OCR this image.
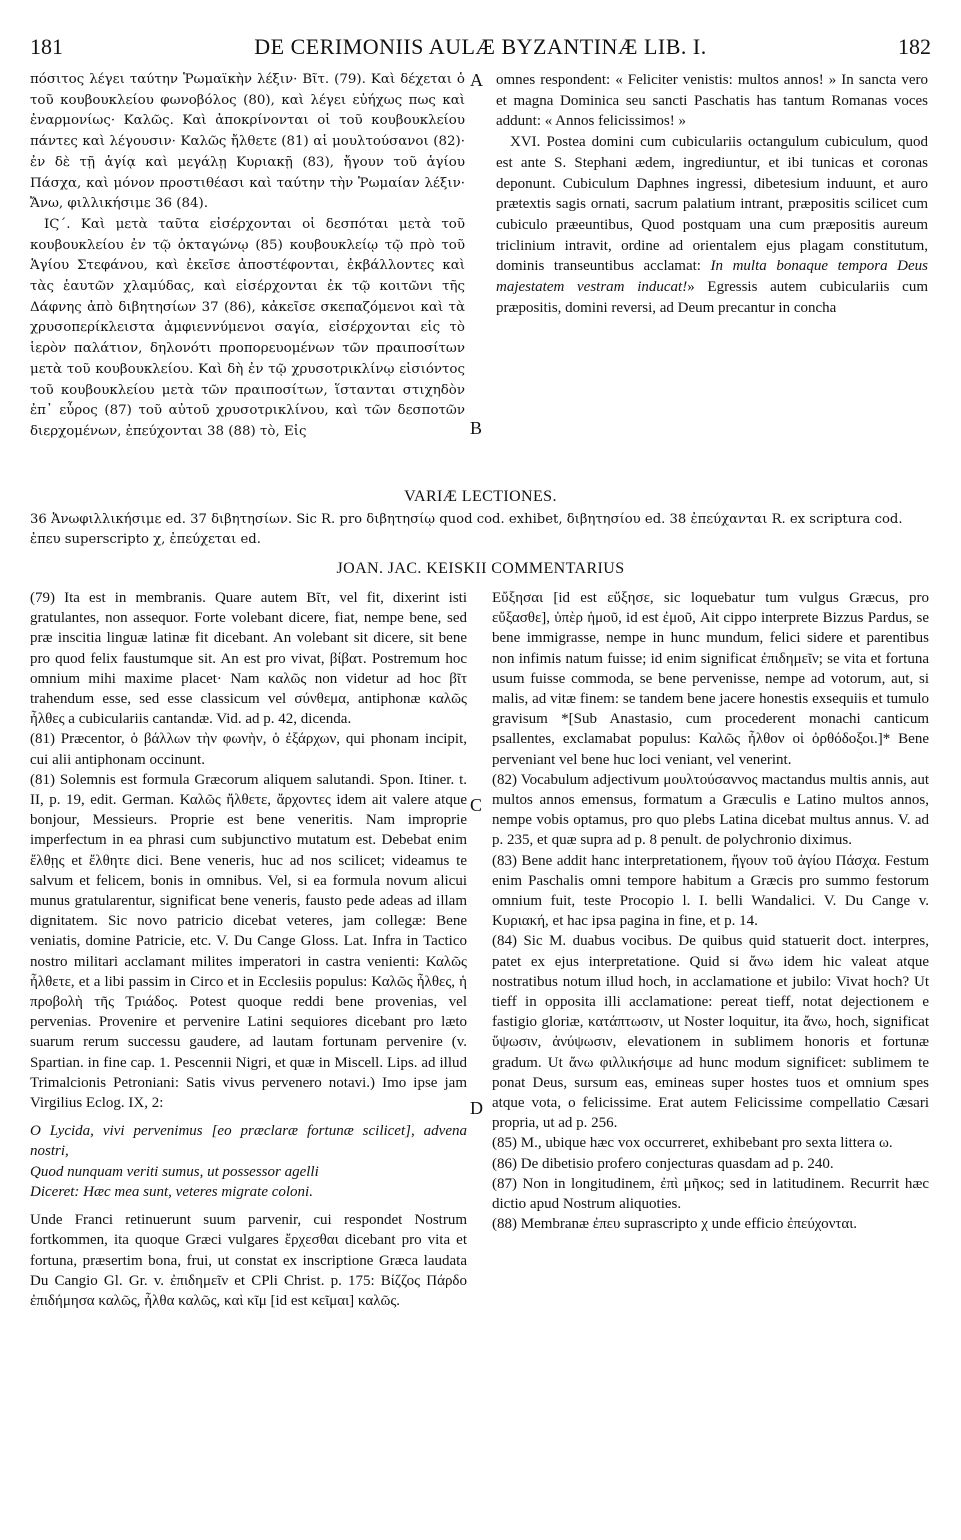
181	DE CERIMONIIS AULÆ BYZANTINÆ LIB. I.	182

πόσιτος λέγει ταύτην Ῥωμαϊκὴν λέξιν· Βῖτ. (79). Καὶ δέχεται ὁ τοῦ κουβουκλείου φωνοβόλος (80), καὶ λέγει εὐήχως πως καὶ ἐναρμονίως· Καλῶς. Καὶ ἀποκρίνονται οἱ τοῦ κουβουκλείου πάντες καὶ λέγουσιν· Καλῶς ἤλθετε (81) αἱ μουλτούσανοι (82)· ἐν δὲ τῇ ἁγίᾳ καὶ μεγάλῃ Κυριακῇ (83), ἤγουν τοῦ ἁγίου Πάσχα, καὶ μόνον προστιθέασι καὶ ταύτην τὴν Ῥωμαίαν λέξιν· Ἄνω, φιλλικήσιμε 36 (84).

ΙϚ΄. Καὶ μετὰ ταῦτα εἰσέρχονται οἱ δεσπόται μετὰ τοῦ κουβουκλείου ἐν τῷ ὀκταγώνῳ (85) κουβουκλείῳ τῷ πρὸ τοῦ Ἁγίου Στεφάνου, καὶ ἐκεῖσε ἀποστέφονται, ἐκβάλλοντες καὶ τὰς ἑαυτῶν χλαμύδας, καὶ εἰσέρχονται ἐκ τῷ κοιτῶνι τῆς Δάφνης ἀπὸ διβητησίων 37 (86), κἀκεῖσε σκεπαζόμενοι καὶ τὰ χρυσοπερίκλειστα ἀμφιεννύμενοι σαγία, εἰσέρχονται εἰς τὸ ἱερὸν παλάτιον, δηλονότι προπορευομένων τῶν πραιποσίτων μετὰ τοῦ κουβουκλείου. Καὶ δὴ ἐν τῷ χρυσοτρικλίνῳ εἰσιόντος τοῦ κουβουκλείου μετὰ τῶν πραιποσίτων, ἵστανται στιχηδὸν ἐπ᾽ εὖρος (87) τοῦ αὐτοῦ χρυσοτρικλίνου, καὶ τῶν δεσποτῶν διερχομένων, ἐπεύχονται 38 (88) τὸ, Εἰς

A
B

omnes respondent: « Feliciter venistis: multos annos! » In sancta vero et magna Dominica seu sancti Paschatis has tantum Romanas voces addunt: « Annos felicissimos! »

XVI. Postea domini cum cubiculariis octangulum cubiculum, quod est ante S. Stephani ædem, ingrediuntur, et ibi tunicas et coronas deponunt. Cubiculum Daphnes ingressi, dibetesium induunt, et auro prætextis sagis ornati, sacrum palatium intrant, præpositis scilicet cum cubiculo præeuntibus, Quod postquam una cum præpositis aureum triclinium intravit, ordine ad orientalem ejus plagam constitutum, dominis transeuntibus acclamat: In multa bonaque tempora Deus majestatem vestram inducat!» Egressis autem cubiculariis cum præpositis, domini reversi, ad Deum precantur in concha

VARIÆ LECTIONES.
36 Ἀνωφιλλικήσιμε ed. 37 διβητησίων. Sic R. pro διβητησίῳ quod cod. exhibet, διβητησίου ed. 38 ἐπεύχανται R. ex scriptura cod. ἐπευ superscripto χ, ἐπεύχεται ed.
JOAN. JAC. KEISKII COMMENTARIUS
C
D

(79) Ita est in membranis. Quare autem Βῖτ, vel fit, dixerint isti gratulantes, non assequor. Forte volebant dicere, fiat, nempe bene, sed præ inscitia linguæ latinæ fit dicebant. An volebant sit dicere, sit bene pro quod felix faustumque sit. An est pro vivat, βίβατ. Postremum hoc omnium mihi maxime placet· Nam καλῶς non videtur ad hoc βῖτ trahendum esse, sed esse classicum vel σύνθεμα, antiphonæ καλῶς ἦλθες a cubiculariis cantandæ. Vid. ad p. 42, dicenda.

(81) Præcentor, ὁ βάλλων τὴν φωνὴν, ὁ ἐξάρχων, qui phonam incipit, cui alii antiphonam occinunt.

(81) Solemnis est formula Græcorum aliquem salutandi. Spon. Itiner. t. II, p. 19, edit. German. Καλῶς ἤλθετε, ἄρχοντες idem ait valere atque bonjour, Messieurs. Proprie est bene veneritis. Nam improprie imperfectum in ea phrasi cum subjunctivo mutatum est. Debebat enim ἔλθῃς et ἔλθητε dici. Bene veneris, huc ad nos scilicet; videamus te salvum et felicem, bonis in omnibus. Vel, si ea formula novum alicui munus gratularentur, significat bene veneris, fausto pede adeas ad illam dignitatem. Sic novo patricio dicebat veteres, jam collegæ: Bene veniatis, domine Patricie, etc. V. Du Cange Gloss. Lat. Infra in Tactico nostro militari acclamant milites imperatori in castra venienti: Καλῶς ἦλθετε, et a libi passim in Circo et in Ecclesiis populus: Καλῶς ἦλθες, ἡ προβολὴ τῆς Τριάδος. Potest quoque reddi bene provenias, vel pervenias. Provenire et pervenire Latini sequiores dicebant pro læto suarum rerum successu gaudere, ad lautam fortunam pervenire (v. Spartian. in fine cap. 1. Pescennii Nigri, et quæ in Miscell. Lips. ad illud Trimalcionis Petroniani: Satis vivus pervenero notavi.) Imo ipse jam Virgilius Eclog. IX, 2:

O Lycida, vivi pervenimus [eo præclaræ fortunæ scilicet], advena nostri,

Quod nunquam veriti sumus, ut possessor agelli

Diceret: Hæc mea sunt, veteres migrate coloni.

Unde Franci retinuerunt suum parvenir, cui respondet Nostrum fortkommen, ita quoque Græci vulgares ἔρχεσθαι dicebant pro vita et fortuna, præsertim bona, frui, ut constat ex inscriptione Græca laudata Du Cangio Gl. Gr. v. ἐπιδημεῖν et CPli Christ. p. 175: Βίζζος Πάρδο ἐπιδήμησα καλῶς, ἦλθα καλῶς, καὶ κῖμ [id est κεῖμαι] καλῶς.

Εὔξησαι [id est εὔξησε, sic loquebatur tum vulgus Græcus, pro εὔξασθε], ὑπὲρ ἡμοῦ, id est ἐμοῦ, Ait cippo interprete Bizzus Pardus, se bene immigrasse, nempe in hunc mundum, felici sidere et parentibus non infimis natum fuisse; id enim significat ἐπιδημεῖν; se vita et fortuna usum fuisse commoda, se bene pervenisse, nempe ad votorum, aut, si malis, ad vitæ finem: se tandem bene jacere honestis exsequiis et tumulo gravisum *[Sub Anastasio, cum procederent monachi canticum psallentes, exclamabat populus: Καλῶς ἦλθον οἱ ὀρθόδοξοι.]* Bene perveniant vel bene huc loci veniant, vel venerint.

(82) Vocabulum adjectivum μουλτούσαννος mactandus multis annis, aut multos annos emensus, formatum a Græculis e Latino multos annos, nempe vobis optamus, pro quo plebs Latina dicebat multus annus. V. ad p. 235, et quæ supra ad p. 8 penult. de polychronio diximus.

(83) Bene addit hanc interpretationem, ἤγουν τοῦ ἁγίου Πάσχα. Festum enim Paschalis omni tempore habitum a Græcis pro summo festorum omnium fuit, teste Procopio l. I. belli Wandalici. V. Du Cange v. Κυριακή, et hac ipsa pagina in fine, et p. 14.

(84) Sic M. duabus vocibus. De quibus quid statuerit doct. interpres, patet ex ejus interpretatione. Quid si ἄνω idem hic valeat atque nostratibus notum illud hoch, in acclamatione et jubilo: Vivat hoch? Ut tieff in opposita illi acclamatione: pereat tieff, notat dejectionem e fastigio gloriæ, κατάπτωσιν, ut Noster loquitur, ita ἄνω, hoch, significat ὕψωσιν, ἀνύψωσιν, elevationem in sublimem honoris et fortunæ gradum. Ut ἄνω φιλλικήσιμε ad hunc modum significet: sublimem te ponat Deus, sursum eas, emineas super hostes tuos et omnium spes atque vota, o felicissime. Erat autem Felicissime compellatio Cæsari propria, ut ad p. 256.

(85) M., ubique hæc vox occurreret, exhibebant pro sexta littera ω.

(86) De dibetisio profero conjecturas quasdam ad p. 240.

(87) Non in longitudinem, ἐπὶ μῆκος; sed in latitudinem. Recurrit hæc dictio apud Nostrum aliquoties.

(88) Membranæ ἐπευ suprascripto χ unde efficio ἐπεύχονται.
